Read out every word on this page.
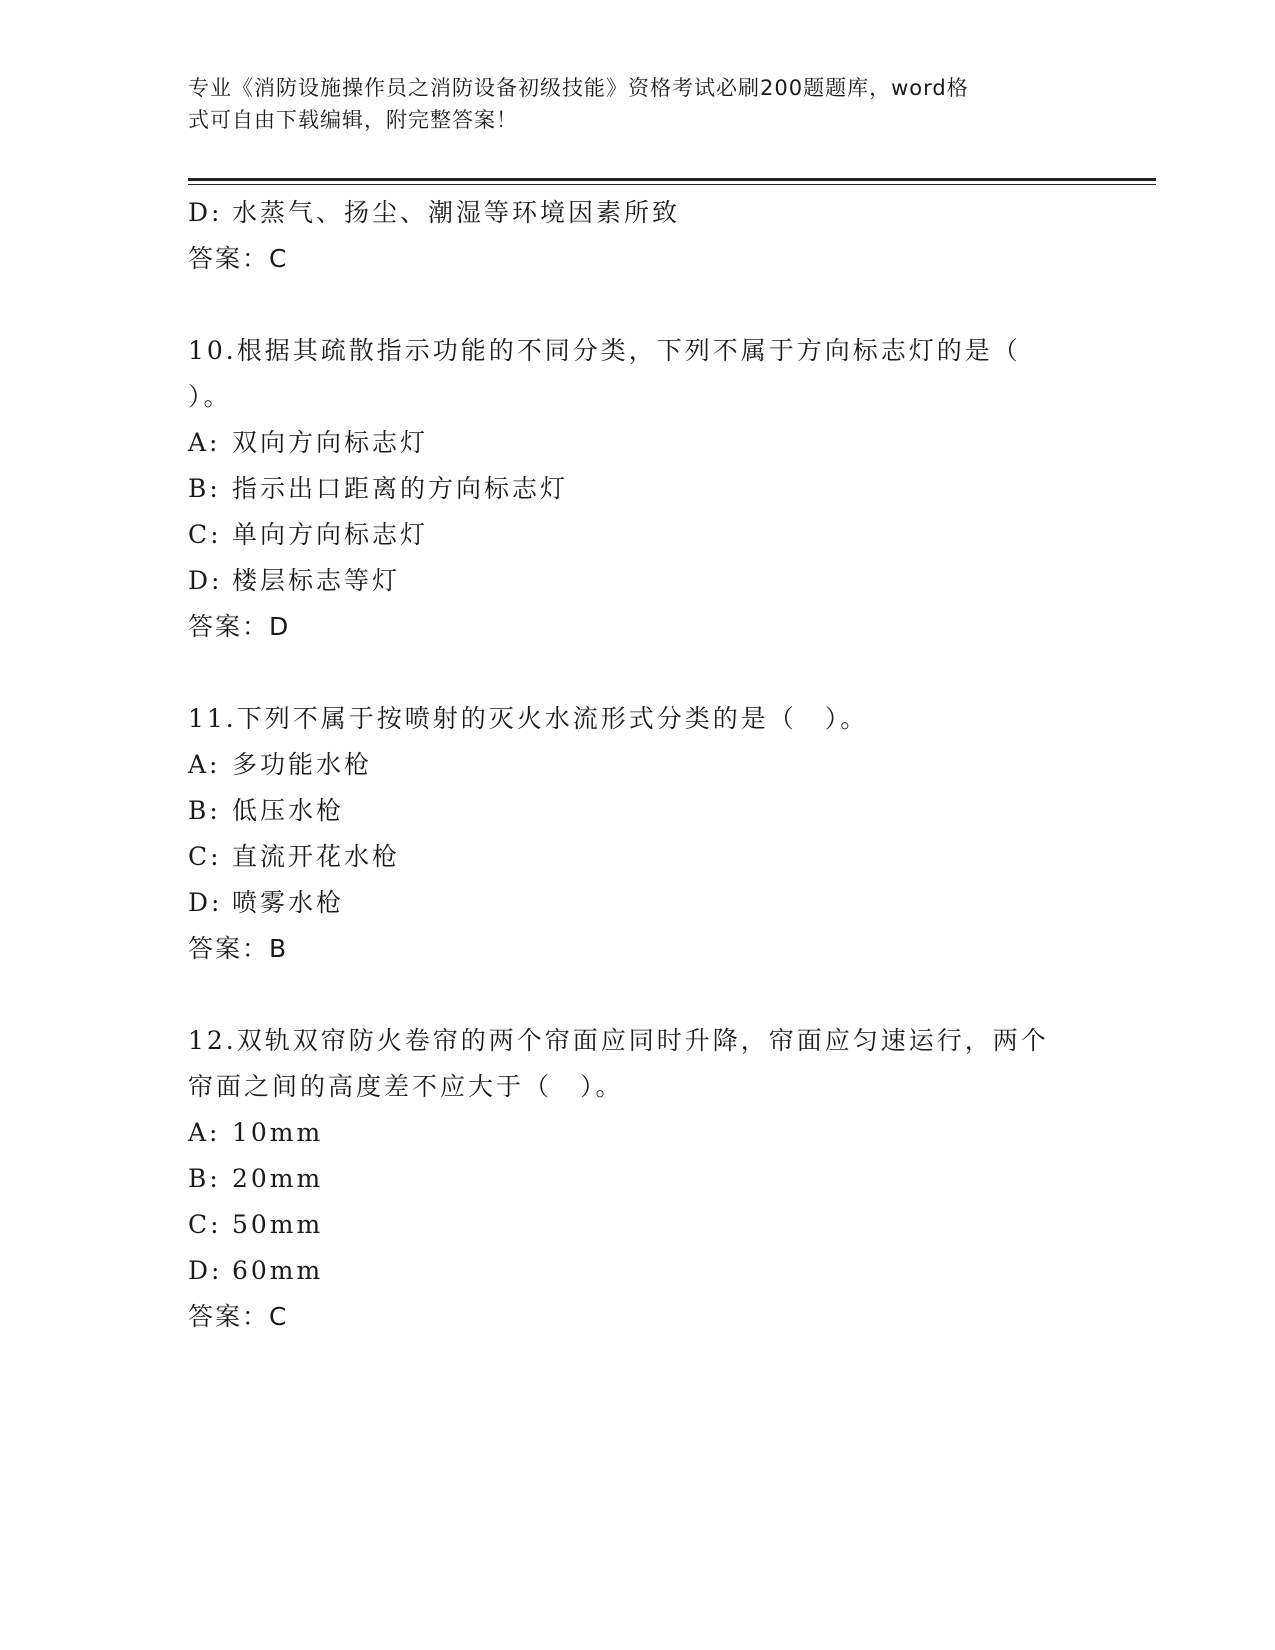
专业《消防设施操作员之消防设备初级技能》资格考试必刷200题题库，word格
式可自由下载编辑，附完整答案！
D: 水蒸气、扬尘、潮湿等环境因素所致
答案：C
10.根据其疏散指示功能的不同分类，下列不属于方向标志灯的是（
）。
A: 双向方向标志灯
B: 指示出口距离的方向标志灯
C: 单向方向标志灯
D: 楼层标志等灯
答案：D
11.下列不属于按喷射的灭火水流形式分类的是（　）。
A: 多功能水枪
B: 低压水枪
C: 直流开花水枪
D: 喷雾水枪
答案：B
12.双轨双帘防火卷帘的两个帘面应同时升降，帘面应匀速运行，两个
帘面之间的高度差不应大于（　）。
A: 10mm
B: 20mm
C: 50mm
D: 60mm
答案：C
